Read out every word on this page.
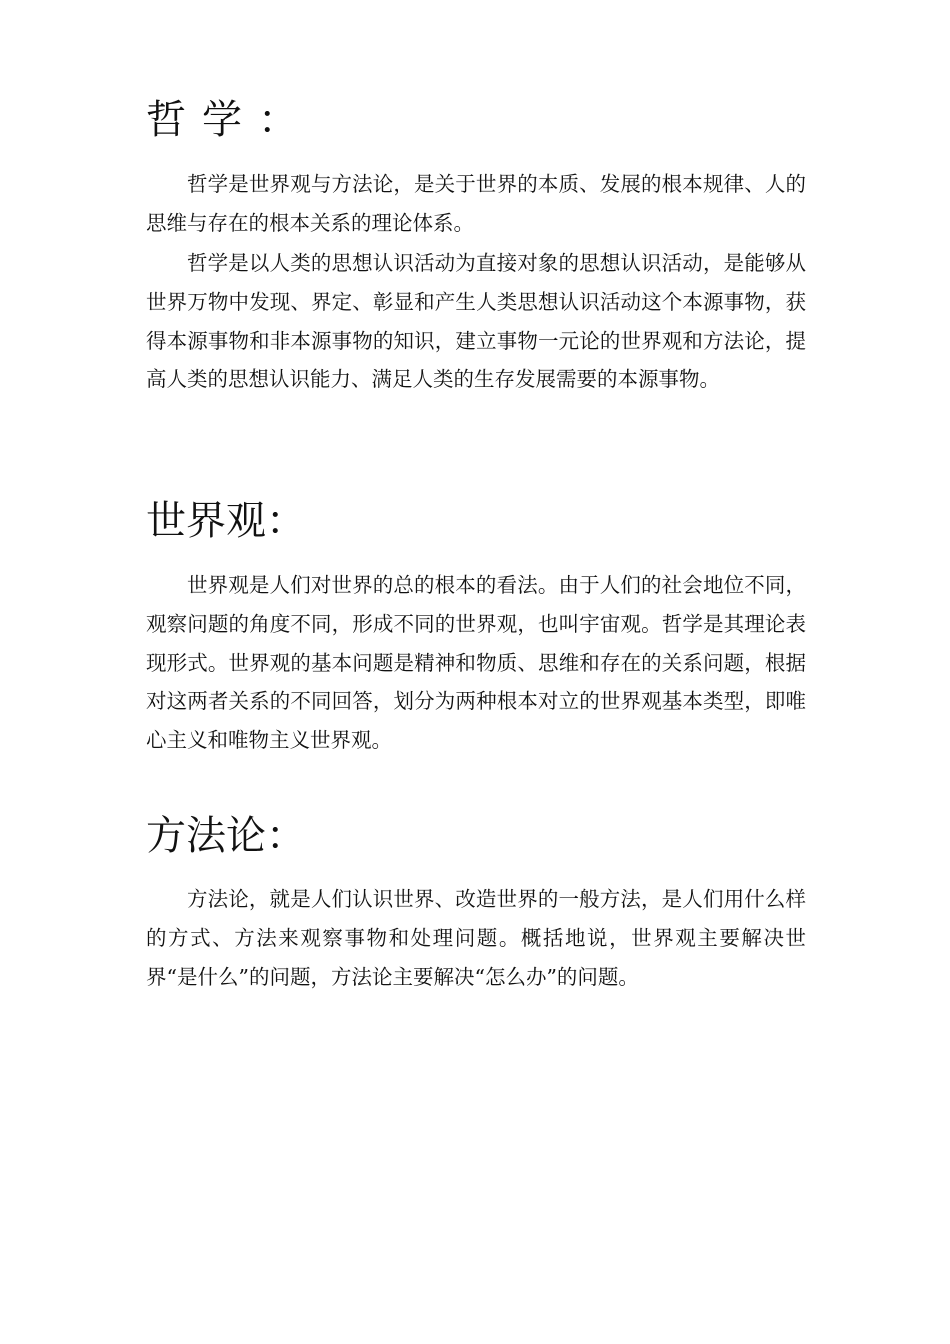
哲学：

哲学是世界观与方法论，是关于世界的本质、发展的根本规律、人的思维与存在的根本关系的理论体系。

哲学是以人类的思想认识活动为直接对象的思想认识活动，是能够从世界万物中发现、界定、彰显和产生人类思想认识活动这个本源事物，获得本源事物和非本源事物的知识，建立事物一元论的世界观和方法论，提高人类的思想认识能力、满足人类的生存发展需要的本源事物。

世界观：

世界观是人们对世界的总的根本的看法。由于人们的社会地位不同，观察问题的角度不同，形成不同的世界观，也叫宇宙观。哲学是其理论表现形式。世界观的基本问题是精神和物质、思维和存在的关系问题，根据对这两者关系的不同回答，划分为两种根本对立的世界观基本类型，即唯心主义和唯物主义世界观。

方法论：

方法论，就是人们认识世界、改造世界的一般方法，是人们用什么样的方式、方法来观察事物和处理问题。概括地说，世界观主要解决世界“是什么”的问题，方法论主要解决“怎么办”的问题。
